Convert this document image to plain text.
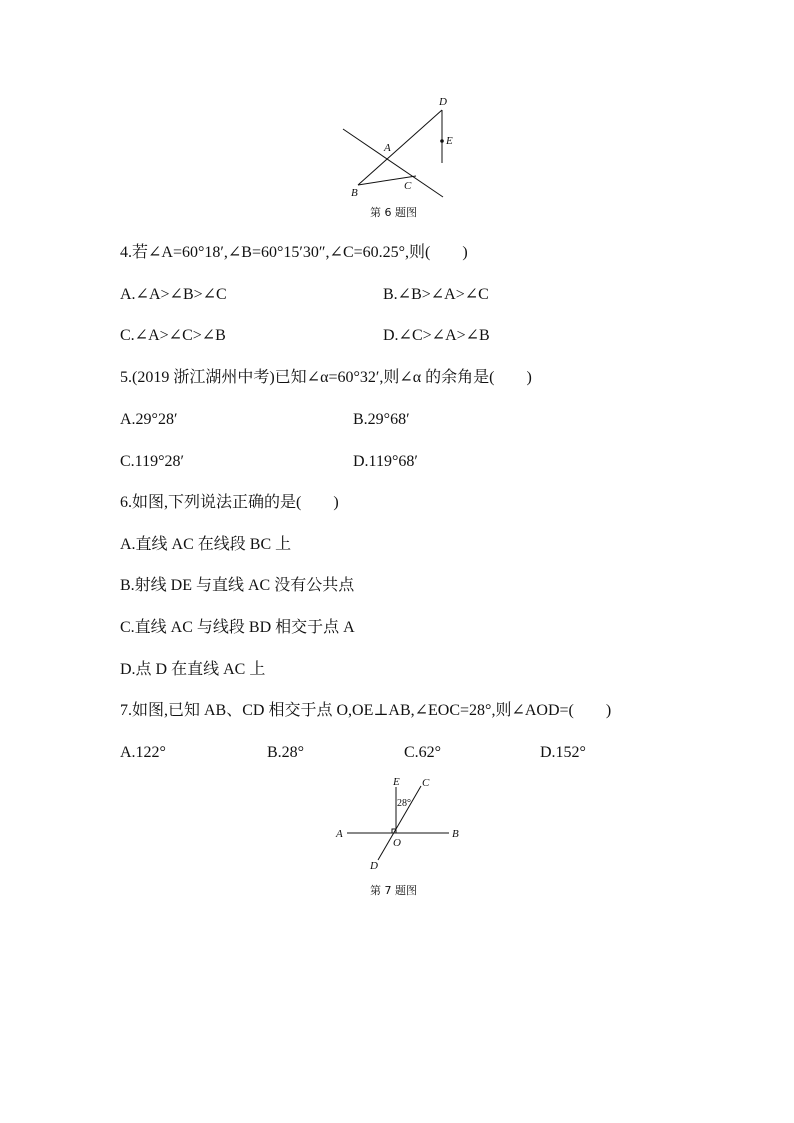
D
E
A
B
C
E C
28°
A	B
O
D
第 6 题图
4.若∠A=60°18′,∠B=60°15′30″,∠C=60.25°,则(　　)
A.∠A>∠B>∠C	B.∠B>∠A>∠C
C.∠A>∠C>∠B	D.∠C>∠A>∠B
5.(2019 浙江湖州中考)已知∠α=60°32′,则∠α 的余角是(　　)
A.29°28′	B.29°68′
C.119°28′	D.119°68′
6.如图,下列说法正确的是(　　)
A.直线 AC 在线段 BC 上
B.射线 DE 与直线 AC 没有公共点
C.直线 AC 与线段 BD 相交于点 A
D.点 D 在直线 AC 上
7.如图,已知 AB、CD 相交于点 O,OE⊥AB,∠EOC=28°,则∠AOD=(　　)
A.122°	B.28°	C.62°	D.152°
第 7 题图
